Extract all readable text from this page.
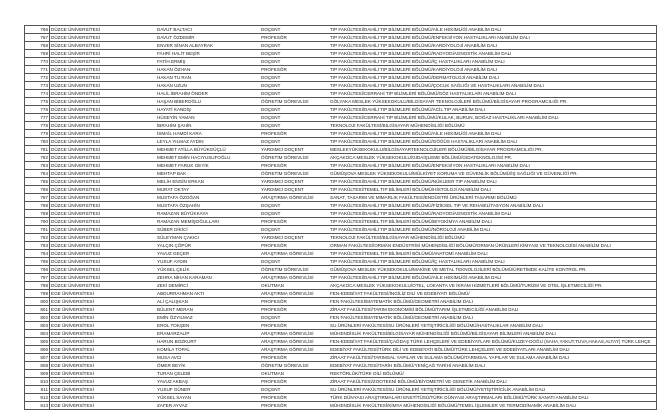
766 DÜZCE ÜNİVERSİTESİ	DAVUT BALTACI	DOÇENT	TIP FAKÜLTESİ/DAHİLİ TIP BİLİMLERİ BÖLÜMÜ/AİLE HEKİMLİĞİ ANABİLİM DALI
767 DÜZCE ÜNİVERSİTESİ	DAVUT ÖZDEMİR	PROFESÖR	TIP FAKÜLTESİ/DAHİLİ TIP BİLİMLERİ BÖLÜMÜ/ENFEKSİYON HASTALIKLARI ANABİLİM DALI
768 DÜZCE ÜNİVERSİTESİ	ENVER SİNAN ALBAYRAK	DOÇENT	TIP FAKÜLTESİ/DAHİLİ TIP BİLİMLERİ BÖLÜMÜ/KARDİYOLOJİ ANABİLİM DALI
769 DÜZCE ÜNİVERSİTESİ	FAHRİ HALİT BEŞİR	DOÇENT	TIP FAKÜLTESİ/DAHİLİ TIP BİLİMLERİ BÖLÜMÜ/RADYODİAGNOSTİK ANABİLİM DALI
770 DÜZCE ÜNİVERSİTESİ	FATİH ERMİŞ	DOÇENT	TIP FAKÜLTESİ/DAHİLİ TIP BİLİMLERİ BÖLÜMÜ/İÇ HASTALIKLARI ANABİLİM DALI
771 DÜZCE ÜNİVERSİTESİ	HAKAN ÖZHAN	PROFESÖR	TIP FAKÜLTESİ/DAHİLİ TIP BİLİMLERİ BÖLÜMÜ/KARDİYOLOJİ ANABİLİM DALI
772 DÜZCE ÜNİVERSİTESİ	HAKAN TU RAN	DOÇENT	TIP FAKÜLTESİ/DAHİLİ TIP BİLİMLERİ BÖLÜMÜ/DERMATOLOJİ ANABİLİM DALI
773 DÜZCE ÜNİVERSİTESİ	HAKAN UZUN	DOÇENT	TIP FAKÜLTESİ/DAHİLİ TIP BİLİMLERİ BÖLÜMÜ/ÇOCUK SAĞLIĞI VE HASTALIKLARI ANABİLİM DALI
774 DÜZCE ÜNİVERSİTESİ	HALİL İBRAHİM ÖNDER	DOÇENT	TIP FAKÜLTESİ/CERRAHİ TIP BİLİMLERİ BÖLÜMÜ/GÖZ HASTALIKLARI ANABİLİM DALI
775 DÜZCE ÜNİVERSİTESİ	HAŞAN BİBEROĞLU	ÖĞRETİM GÖREVLİSİ	GÖLYAKA MESLEK YÜKSEKOKULU/BİLGİSAYAR TEKNOLOJİLERİ BÖLÜMÜ/BİLGİSAYAR PROGRAMCILIĞI PR.
776 DÜZCE ÜNİVERSİTESİ	HAYATİ KANDİŞ	DOÇENT	TIP FAKÜLTESİ/DAHİLİ TIP BİLİMLERİ BÖLÜMÜ/ACİL TIP ANABİLİM DALI
777 DÜZCE ÜNİVERSİTESİ	HÜSEYİN YAMAN	DOÇENT	TIP FAKÜLTESİ/CERRAHİ TIP BİLİMLERİ BÖLÜMÜ/KULAK, BURUN, BOĞAZ HASTALIKLARI ANABİLİM DALI
778 DÜZCE ÜNİVERSİTESİ	İBRAHİM ŞAHİN	DOÇENT	TEKNOLOJİ FAKÜLTESİ/BİLGİSAYAR MÜHENDİSLİĞİ BÖLÜMÜ
779 DÜZCE ÜNİVERSİTESİ	İSMAİL HAMDİ KARA	PROFESÖR	TIP FAKÜLTESİ/DAHİLİ TIP BİLİMLERİ BÖLÜMÜ/AİLE HEKİMLİĞİ ANABİLİM DALI
780 DÜZCE ÜNİVERSİTESİ	LEYLA YILMAZ AYDIN	DOÇENT	TIP FAKÜLTESİ/DAHİLİ TIP BİLİMLERİ BÖLÜMÜ/GÖĞÜS HASTALIKLARI ANABİLİM DALI
781 DÜZCE ÜNİVERSİTESİ	MEHMET ATİLLA BÜYÜKGÜÇLÜ	YARDIMCI DOÇENT	MESLEKYÜKSEKOKULU/BİLGİSAYARTEKNOLOJİLERİ BÖLÜMÜ/BİLGİSAYAR PROGRAMCILIĞI PR.
782 DÜZCE ÜNİVERSİTESİ	MEHMET EMİN HACIYUSUFOĞLU	ÖĞRETİM GÖREVLİSİ	AKÇAKOCA MESLEK YÜKSEKOKULU/GIDAİŞLEME BÖLÜMÜ/GIDATEKNOLOJİSİ PR.
783 DÜZCE ÜNİVERSİTESİ	MEHMET FARUK GEYİK	PROFESÖR	TIP FAKÜLTESİ/DAHİLİ TIP BİLİMLERİ BÖLÜMÜ/ENFEKSİYON HASTALIKLARI ANABİLİM DALI
784 DÜZCE ÜNİVERSİTESİ	MEHTAP BAK	ÖĞRETİM GÖREVLİSİ	GÜMÜŞOVA MESLEK YÜKSEKOKULU/MÜLKİYET KORUMA VE GÜVENLİK BÖLÜMÜ/İŞ SAĞLIĞI VE GÜVENLİĞİ PR.
785 DÜZCE ÜNİVERSİTESİ	MELİH ENGİN ERKAN	YARDIMCI DOÇENT	TIP FAKÜLTESİ/DAHİLİ TIP BİLİMLERİ BÖLÜMÜ/NÜKLEER TIP ANABİLİM DALI
786 DÜZCE ÜNİVERSİTESİ	MURAT OKTAY	YARDIMCI DOÇENT	TIP FAKÜLTESİ/TEMEL TIP BİLİMLERİ BÖLÜMÜ/HİSTOLOJİ ANABİLİM DALI
787 DÜZCE ÜNİVERSİTESİ	MUSTAFA ÖZOĞAN	ARAŞTIRMA GÖREVLİSİ	SANAT, TASARIM VE MİMARLIK FAKÜLTESİ/ENDÜSTRİ ÜRÜNLERİ TASARIMI BÖLÜMÜ
788 DÜZCE ÜNİVERSİTESİ	MUSTAFA ÖZŞAHİN	DOÇENT	TIP FAKÜLTESİ/DAHİLİ TIP BİLİMLERİ BÖLÜMÜ/FİZİKSEL TIP VE REHABİLİTASYON ANABİLİM DALI
789 DÜZCE ÜNİVERSİTESİ	RAMAZAN BÜYÜKKAYA	DOÇENT	TIP FAKÜLTESİ/DAHİLİ TIP BİLİMLERİ BÖLÜMÜ/RADYODİAGNOSTİK ANABİLİM DALI
790 DÜZCE ÜNİVERSİTESİ	RAMAZAN MEMİŞOĞULLARI	PROFESÖR	TIP FAKÜLTESİ/TEMEL TIP BİLİMLERİ BÖLÜMÜ/BİYOKİMYA ANABİLİM DALI
791 DÜZCE ÜNİVERSİTESİ	SÜBER DİKİCİ	DOÇENT	TIP FAKÜLTESİ/DAHİLİ TIP BİLİMLERİ BÖLÜMÜ/NÖROLOJİ ANABİLİM DALI
792 DÜZCE ÜNİVERSİTESİ	SÜLEYMAN ÇAKICI	YARDIMCI DOÇENT	TEKNOLOJİ FAKÜLTESİ/BİLGİSAYAR MÜHENDİSLİĞİ BÖLÜMÜ
793 DÜZCE ÜNİVERSİTESİ	YALÇIN ÇÖPÜR	PROFESÖR	ORMAN FAKÜLTESİ/ORMAN ENDÜSTRİSİ MÜHENDİSLİĞİ BÖLÜMÜ/ORMAN ÜRÜNLERİ KİMYASI VE TEKNOLOJİSİ ANABİLİM DALI
794 DÜZCE ÜNİVERSİTESİ	YAVUZ GEÇER	ARAŞTIRMA GÖREVLİSİ	TIP FAKÜLTESİ/TEMEL TIP BİLİMLERİ BÖLÜMÜ/ANATOMİ ANABİLİM DALI
795 DÜZCE ÜNİVERSİTESİ	YUSUF AYDIN	DOÇENT	TIP FAKÜLTESİ/DAHİLİ TIP BİLİMLERİ BÖLÜMÜ/İÇ HASTALIKLARI ANABİLİM DALI
796 DÜZCE ÜNİVERSİTESİ	YÜKSEL ÇELİK	ÖĞRETİM GÖREVLİSİ	GÜMÜŞOVA MESLEK YÜKSEKOKULU/MAKİNE VE METAL TEKNOLOJİLERİ BÖLÜMÜ/ÜRETİMDE KALİTE KONTROL PR.
797 DÜZCE ÜNİVERSİTESİ	ZEHRA NİHAN KARAMAN	ARAŞTIRMA GÖREVLİSİ	TIP FAKÜLTESİ/DAHİLİ TIP BİLİMLERİ BÖLÜMÜ/AİLE HEKİMLİĞİ ANABİLİM DALI
798 DÜZCE ÜNİVERSİTESİ	ZEKİ DEMİRCİ	OKUTMAN	AKÇAKOCA MESLEK YÜKSEKOKULU/OTEL, LOKANTA VE İKRAM HİZMETLERİ BÖLÜMÜ/TURİZM VE OTEL İŞLETMECİLİĞİ PR.
799 EGE ÜNİVERSİTESİ	ABDURRAHMAN AKTI	ARAŞTIRMA GÖREVLİSİ	FEN-EDEBİYAT FAKÜLTESİ/İNGİLİZ DİLİ VE EDEBİYATI BÖLÜMÜ/
800 EGE ÜNİVERSİTESİ	ALİ ÇALIŞKAN	PROFESÖR	FEN FAKÜLTESİ/MATEMATİK BÖLÜMÜ/GEOMETRİ ANABİLİM DALI
801 EGE ÜNİVERSİTESİ	BÜLENT MERAN	PROFESÖR	ZİRAAT FAKÜLTESİ/TARIM EKONOMİSİ BÖLÜMÜ/TARIM İŞLETMECİLİĞİ ANABİLİM DALI
802 EGE ÜNİVERSİTESİ	EMİN ÖZYILMAZ	DOÇENT	FEN FAKÜLTESİ/MATEMATİK BÖLÜMÜ/GEOMETRİ ANABİLİM DALI
803 EGE ÜNİVERSİTESİ	EROL TOKŞEN	PROFESÖR	SU ÜRÜNLERİ FAKÜLTESİ/SU ÜRÜNLERİ YETİŞTİRİCİLİĞİ BÖLÜMÜ/HASTALIKLAR ANABİLİM DALI
804 EGE ÜNİVERSİTESİ	ERAMARZALİP	ARAŞTIRMA GÖREVLİSİ	MÜHENDİSLİK FAKÜLTESİ/BİLGİSAYAR MÜHENDİSLİĞİ BÖLÜMÜ/BİLGİSAYAR BİLİMLERİ ANABİLİM DALI
805 EGE ÜNİVERSİTESİ	HARUN BOZKURT	ARAŞTIRMA GÖREVLİSİ	FEN-EDEBİYAT FAKÜLTESİ/ÇAĞDAŞ TÜRK LEHÇELERİ VE EDEBİYATLARI BÖLÜMÜ/KUZEY-DOĞU (SAHA,YAKUT,TUVA,HAKAS,ALTAY) TÜRK LEHÇE
806 EGE ÜNİVERSİTESİ	KOMİLA TOPAL	ARAŞTIRMA GÖREVLİSİ	EDEBİYAT FAKÜLTESİ/TÜRK DİLİ VE EDEBİYATI BÖLÜMÜ/TÜRK LEHÇELERİ VE EDEBİYATLARI ANABİLİM DALI
807 EGE ÜNİVERSİTESİ	MUSA AVCI	PROFESÖR	ZİRAAT FAKÜLTESİ/TARIMSAL YAPILAR VE SULAMA BÖLÜMÜ/TARIMSAL YAPILAR VE SULAMA ANABİLİM DALI
808 EGE ÜNİVERSİTESİ	ÖMER BEYİK	ÖĞRETİM GÖREVLİSİ	EDEBİYAT FAKÜLTESİ/TARİH BÖLÜMÜ/YENİÇAĞ TARİHİ ANABİLİM DALI
809 EGE ÜNİVERSİTESİ	TURAN ÇELEBİ	OKUTMAN	REKTÖRLÜK/TÜRK DİLİ BÖLÜMÜ/
810 EGE ÜNİVERSİTESİ	YAVUZ AKBAŞ	PROFESÖR	ZİRAAT FAKÜLTESİ/ZOOTEKNİ BÖLÜMÜ/BİYOMETRİ VE GENETİK ANABİLİM DALI
811 EGE ÜNİVERSİTESİ	YUSUF GÜNER	DOÇENT	SU ÜRÜNLERİ FAKÜLTESİ/SU ÜRÜNLERİ YETİŞTİRİCİLİĞİ BÖLÜMÜ/YETİŞTİRİCİLİK ANABİLİM DALI
812 EGE ÜNİVERSİTESİ	YÜKSEL SAYAN	PROFESÖR	TÜRK DÜNYASI ARAŞTIRMALARI ENSTİTÜSÜ/TÜRK DÜNYASI ARAŞTIRMALARI BÖLÜMÜ/TÜRK SANATI ANABİLİM DALI
813 EGE ÜNİVERSİTESİ	ZAFER AYVAZ	PROFESÖR	MÜHENDİSLİK FAKÜLTESİ/KİMYA MÜHENDİSLİĞİ BÖLÜMÜ/TEMEL İŞLEMLER VE TERMODİNAMİK ANABİLİM DALI
